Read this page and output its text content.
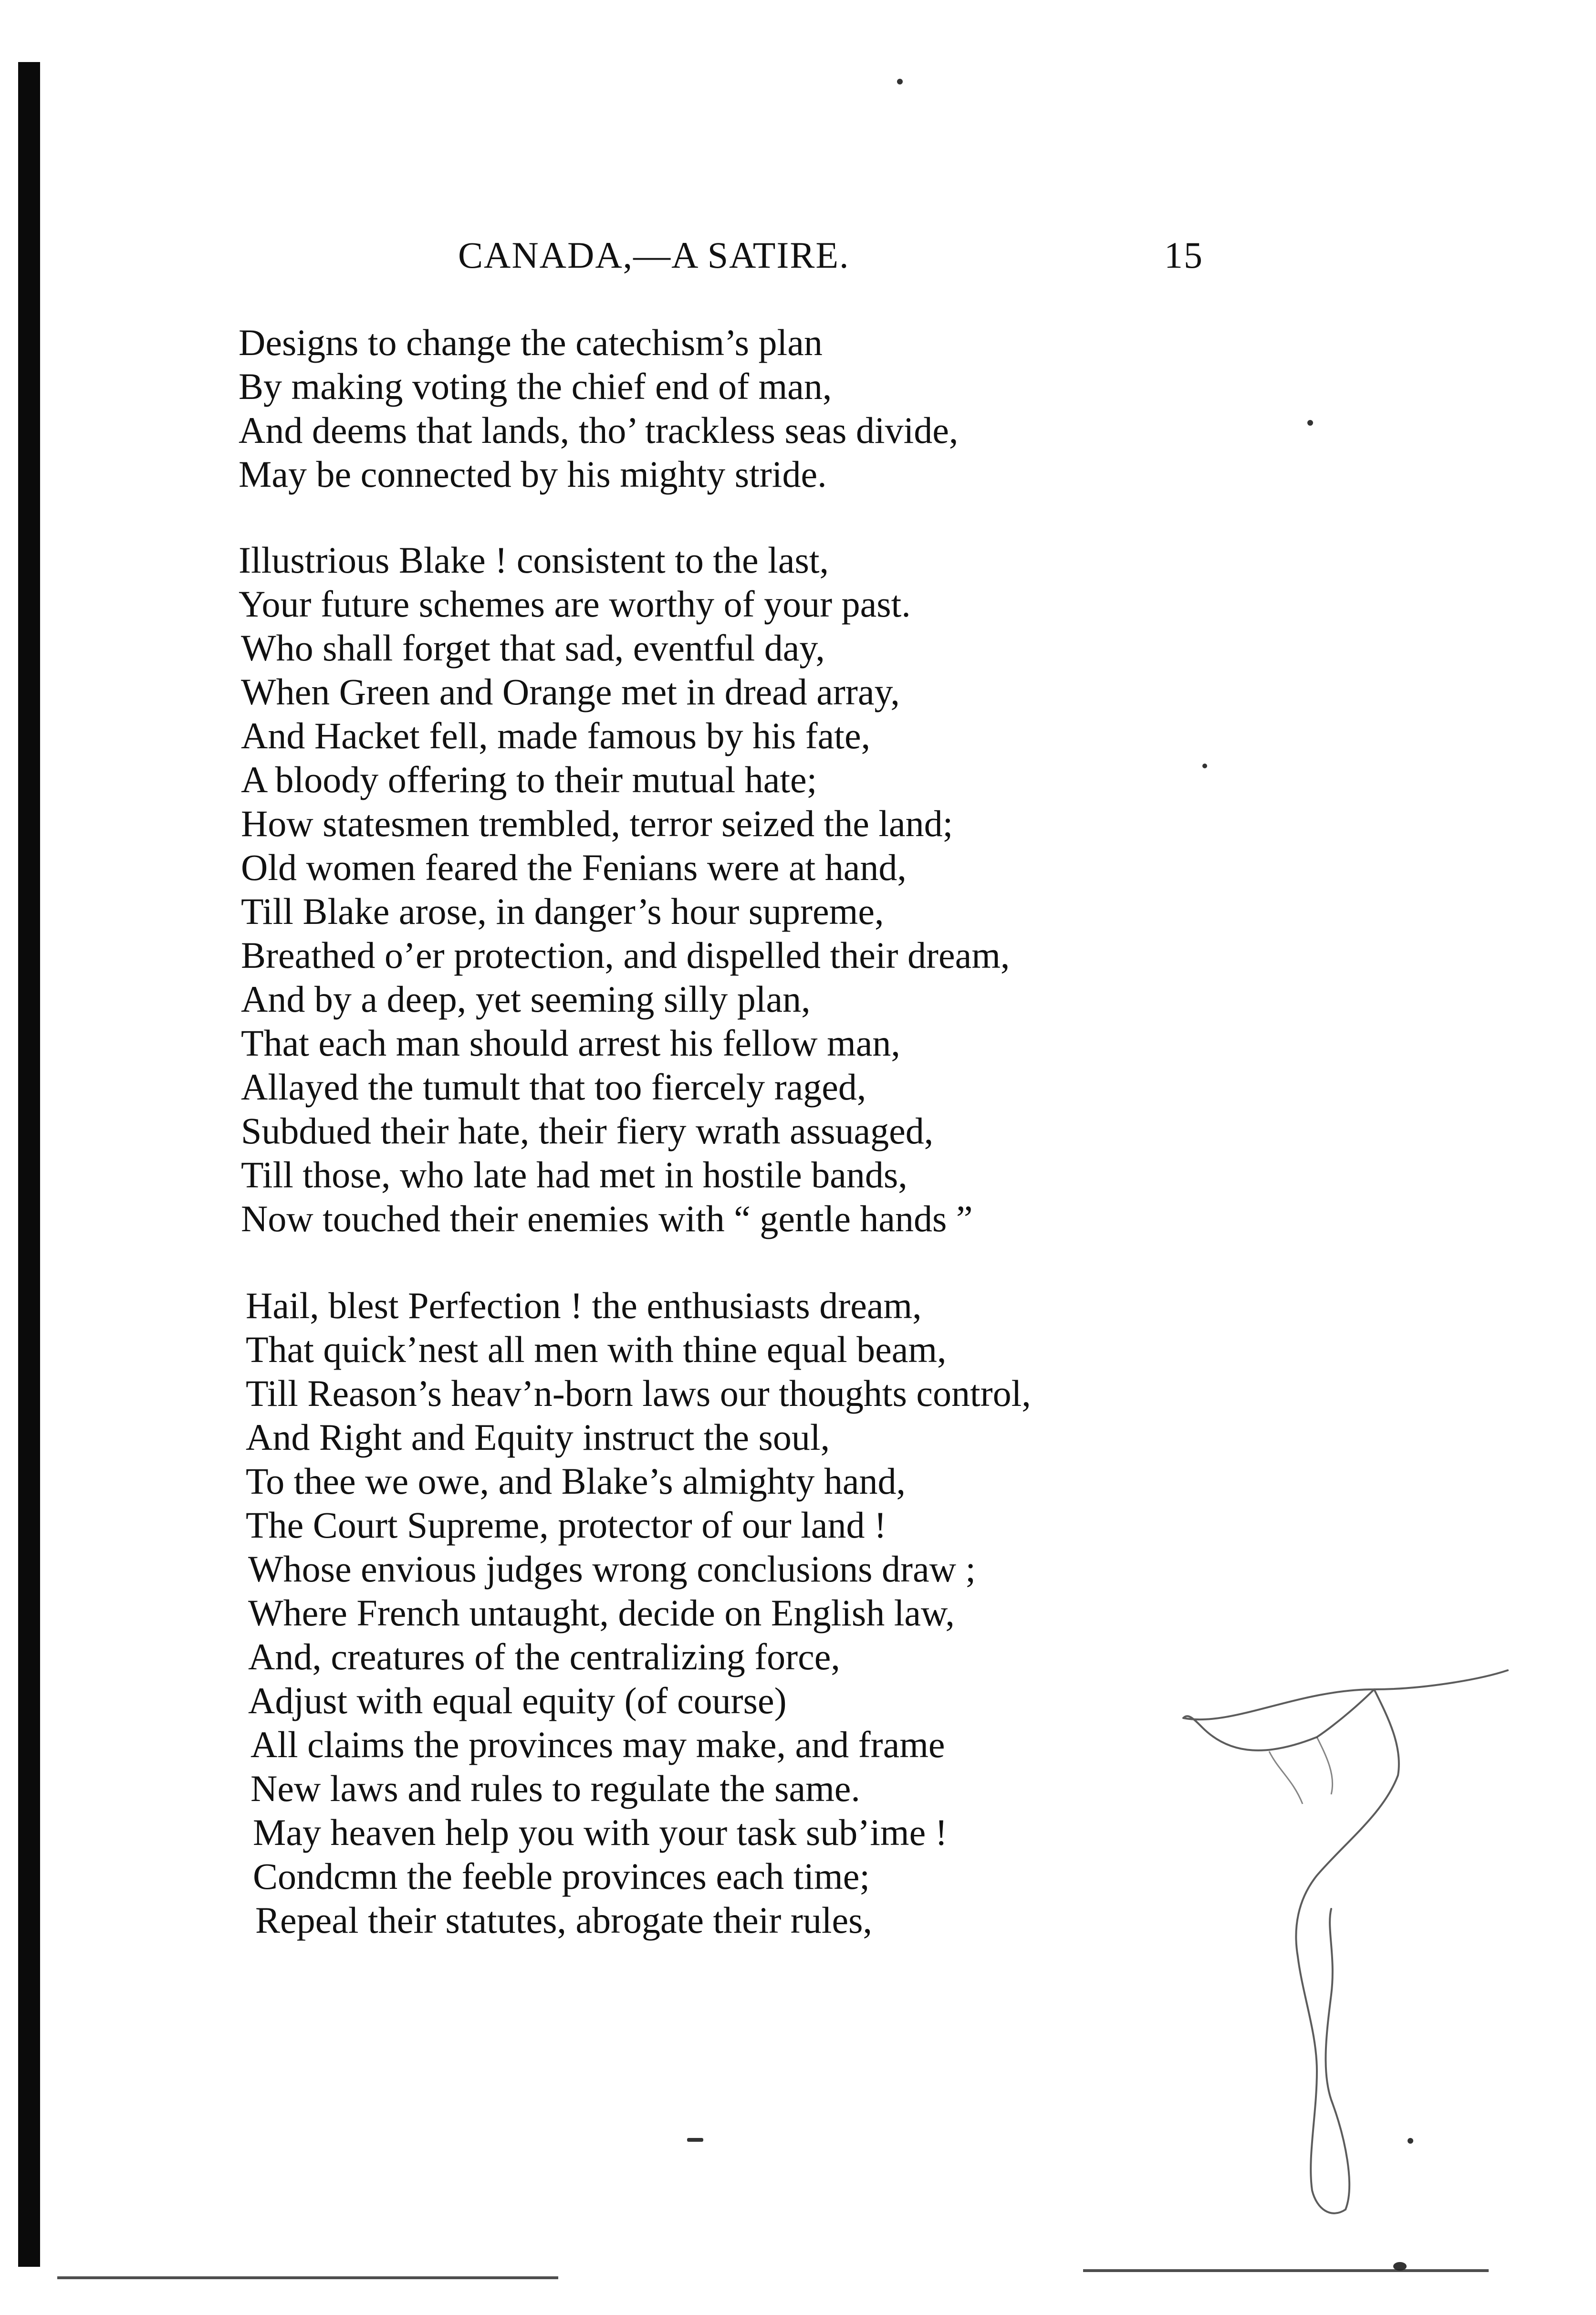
CANADA,—A SATIRE.	15
Designs to change the catechism’s plan
By making voting the chief end of man,
And deems that lands, tho’ trackless seas divide,
May be connected by his mighty stride.
Illustrious Blake ! consistent to the last,
Your future schemes are worthy of your past.
Who shall forget that sad, eventful day,
When Green and Orange met in dread array,
And Hacket fell, made famous by his fate,
A bloody offering to their mutual hate;
How statesmen trembled, terror seized the land;
Old women feared the Fenians were at hand,
Till Blake arose, in danger’s hour supreme,
Breathed o’er protection, and dispelled their dream,
And by a deep, yet seeming silly plan,
That each man should arrest his fellow man,
Allayed the tumult that too fiercely raged,
Subdued their hate, their fiery wrath assuaged,
Till those, who late had met in hostile bands,
Now touched their enemies with “ gentle hands ”
Hail, blest Perfection ! the enthusiasts dream,
That quick’nest all men with thine equal beam,
Till Reason’s heav’n-born laws our thoughts control,
And Right and Equity instruct the soul,
To thee we owe, and Blake’s almighty hand,
The Court Supreme, protector of our land !
Whose envious judges wrong conclusions draw ;
Where French untaught, decide on English law,
And, creatures of the centralizing force,
Adjust with equal equity (of course)
All claims the provinces may make, and frame
New laws and rules to regulate the same.
May heaven help you with your task sub’ime !
Condcmn the feeble provinces each time;
Repeal their statutes, abrogate their rules,
